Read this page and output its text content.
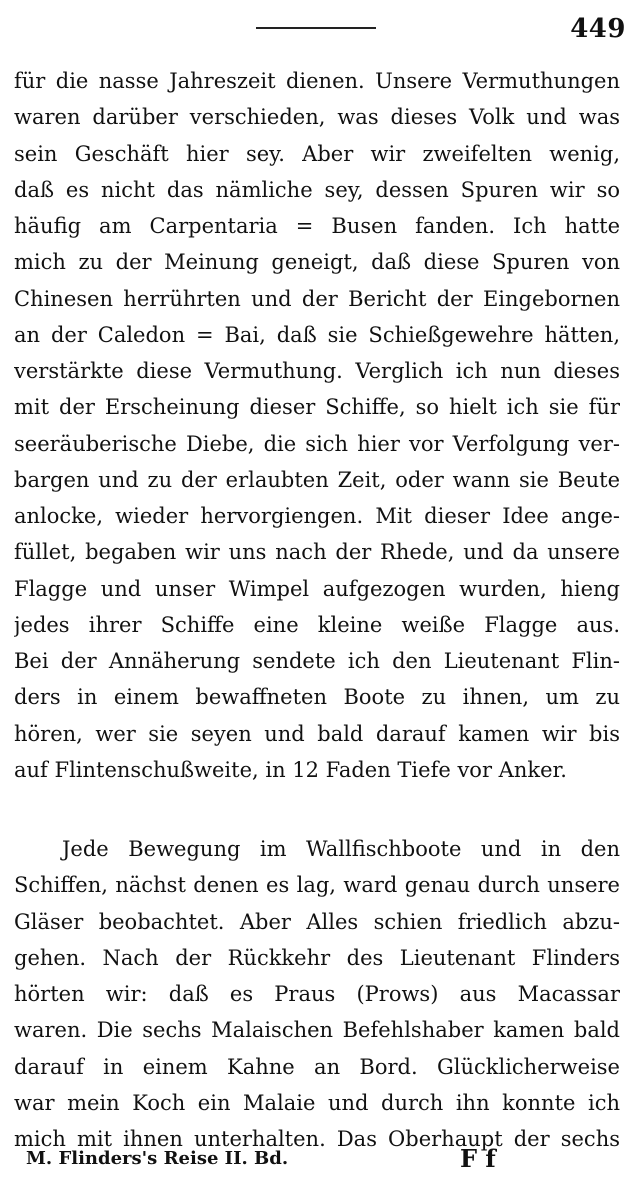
449
für die nasse Jahreszeit dienen. Unsere Vermuthungen
waren darüber verschieden, was dieses Volk und was
sein Geschäft hier sey. Aber wir zweifelten wenig,
daß es nicht das nämliche sey, dessen Spuren wir so
häufig am Carpentaria = Busen fanden. Ich hatte
mich zu der Meinung geneigt, daß diese Spuren von
Chinesen herrührten und der Bericht der Eingebornen
an der Caledon = Bai, daß sie Schießgewehre hätten,
verstärkte diese Vermuthung. Verglich ich nun dieses
mit der Erscheinung dieser Schiffe, so hielt ich sie für
seeräuberische Diebe, die sich hier vor Verfolgung ver-
bargen und zu der erlaubten Zeit, oder wann sie Beute
anlocke, wieder hervorgiengen. Mit dieser Idee ange-
füllet, begaben wir uns nach der Rhede, und da unsere
Flagge und unser Wimpel aufgezogen wurden, hieng
jedes ihrer Schiffe eine kleine weiße Flagge aus.
Bei der Annäherung sendete ich den Lieutenant Flin-
ders in einem bewaffneten Boote zu ihnen, um zu
hören, wer sie seyen und bald darauf kamen wir bis
auf Flintenschußweite, in 12 Faden Tiefe vor Anker.
Jede Bewegung im Wallfischboote und in den
Schiffen, nächst denen es lag, ward genau durch unsere
Gläser beobachtet. Aber Alles schien friedlich abzu-
gehen. Nach der Rückkehr des Lieutenant Flinders
hörten wir: daß es Praus (Prows) aus Macassar
waren. Die sechs Malaischen Befehlshaber kamen bald
darauf in einem Kahne an Bord. Glücklicherweise
war mein Koch ein Malaie und durch ihn konnte ich
mich mit ihnen unterhalten. Das Oberhaupt der sechs
M. Flinders's Reise II. Bd.	F f
